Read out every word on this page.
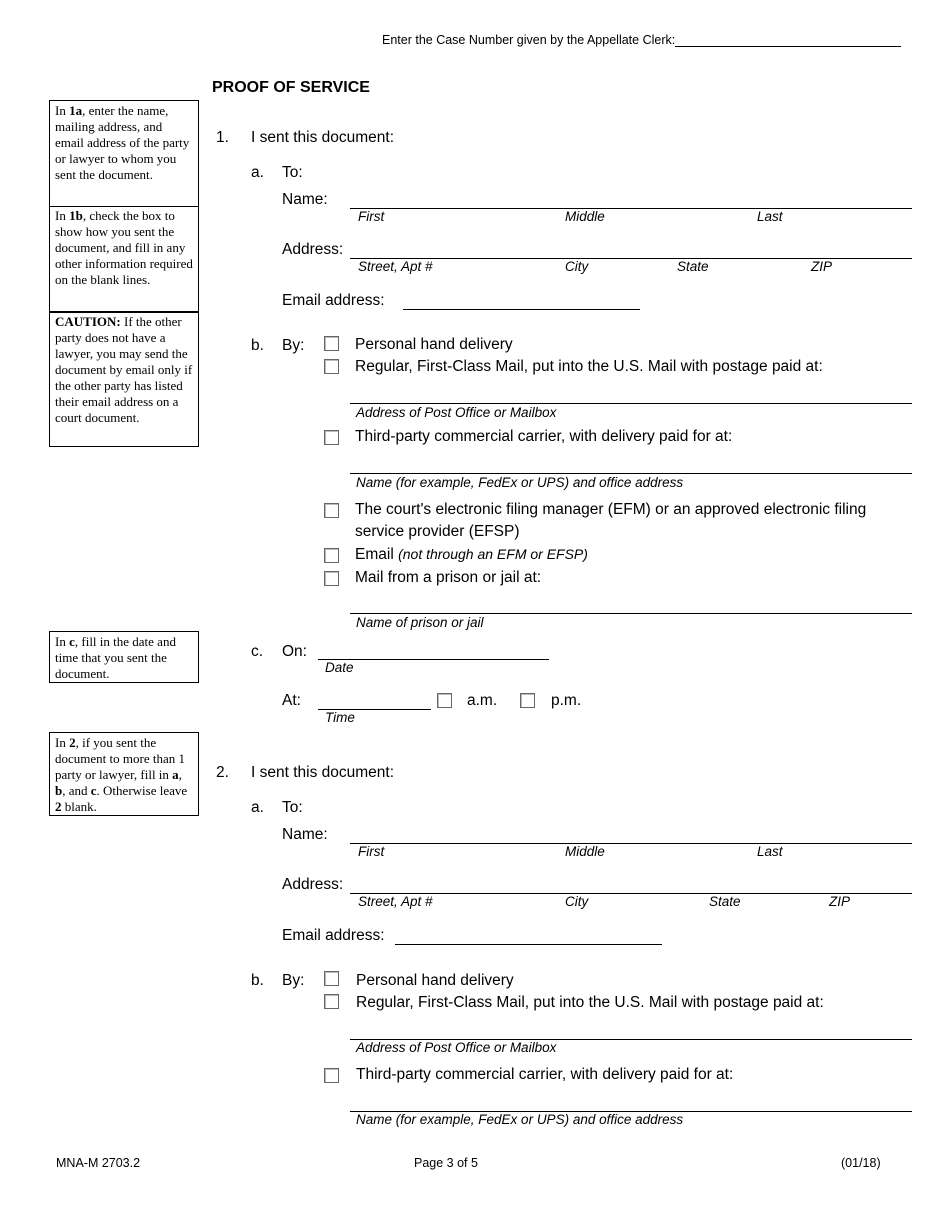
Enter the Case Number given by the Appellate Clerk:
PROOF OF SERVICE
In 1a, enter the name, mailing address, and email address of the party or lawyer to whom you sent the document.
In 1b, check the box to show how you sent the document, and fill in any other information required on the blank lines.
CAUTION: If the other party does not have a lawyer, you may send the document by email only if the other party has listed their email address on a court document.
In c, fill in the date and time that you sent the document.
In 2, if you sent the document to more than 1 party or lawyer, fill in a, b, and c. Otherwise leave 2 blank.
1. I sent this document:
a. To:
Name:
First	Middle	Last
Address:
Street, Apt #	City	State	ZIP
Email address:
b. By:	Personal hand delivery
Regular, First-Class Mail, put into the U.S. Mail with postage paid at:
Address of Post Office or Mailbox
Third-party commercial carrier, with delivery paid for at:
Name (for example, FedEx or UPS) and office address
The court's electronic filing manager (EFM) or an approved electronic filing
service provider (EFSP)
Email (not through an EFM or EFSP)
Mail from a prison or jail at:
Name of prison or jail
c. On:
Date
At:
Time
a.m.	p.m.
2. I sent this document:
a. To:
Name:
First	Middle	Last
Address:
Street, Apt #	City	State	ZIP
Email address:
b. By:	Personal hand delivery
Regular, First-Class Mail, put into the U.S. Mail with postage paid at:
Address of Post Office or Mailbox
Third-party commercial carrier, with delivery paid for at:
Name (for example, FedEx or UPS) and office address
MNA-M 2703.2	Page 3 of 5	(01/18)
